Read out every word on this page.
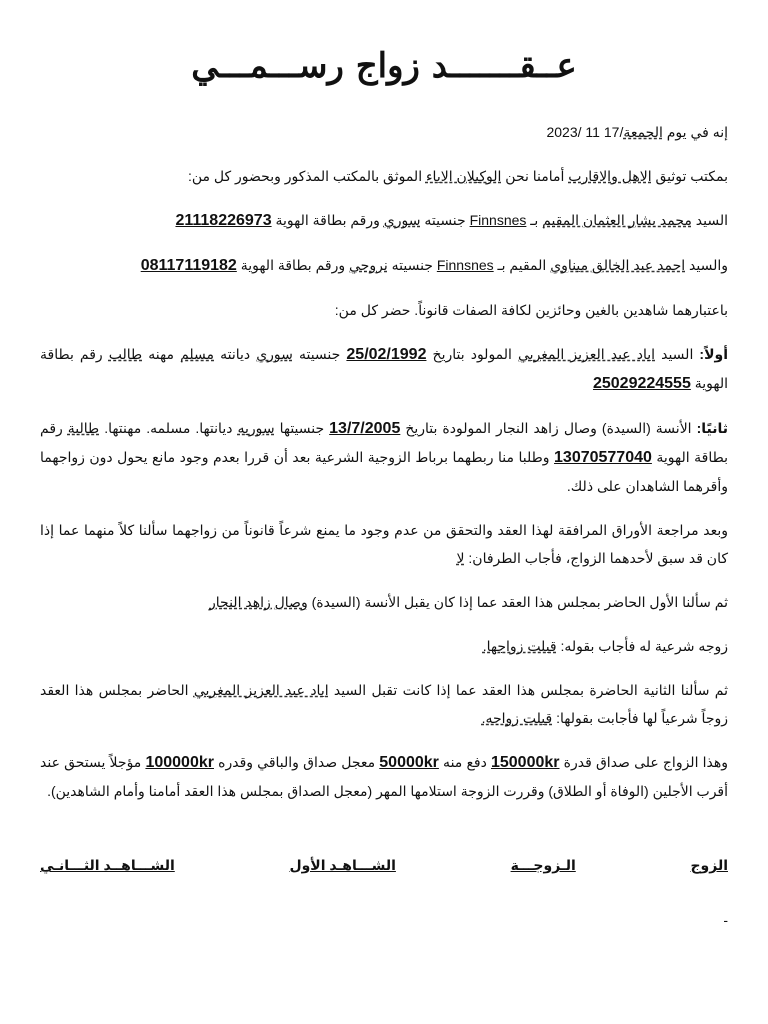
عــقـــــــد زواج رســـمـــي

إنه في يوم الجمعة/17 11 /2023

بمكتب توثيق الاهل والاقارب أمامنا نحن الوكيلان الاباء الموثق بالمكتب المذكور وبحضور كل من:

السيد محمد بشار العثمان المقيم بـ Finnsnes جنسيته سوري ورقم بطاقة الهوية 21118226973

والسيد احمد عبد الخالق ميناوي المقيم بـ Finnsnes جنسيته نروجي ورقم بطاقة الهوية 08117119182

باعتبارهما شاهدين بالغين وحائزين لكافة الصفات قانوناً. حضر كل من:

أولاً: السيد اياد عبد العزيز المغربي المولود بتاريخ 25/02/1992 جنسيته سوري ديانته مسلم مهنه طالب رقم بطاقة الهوية 25029224555

ثانيًا: الأنسة (السيدة) وصال زاهد النجار المولودة بتاريخ 13/7/2005 جنسيتها سوريه ديانتها. مسلمه. مهنتها. طالبة رقم بطاقة الهوية 13070577040 وطلبا منا ربطهما برباط الزوجية الشرعية بعد أن قررا بعدم وجود مانع يحول دون زواجهما وأقرهما الشاهدان على ذلك.

وبعد مراجعة الأوراق المرافقة لهذا العقد والتحقق من عدم وجود ما يمنع شرعاً قانوناً من زواجهما سألنا كلاً منهما عما إذا كان قد سبق لأحدهما الزواج، فأجاب الطرفان: لا

ثم سألنا الأول الحاضر بمجلس هذا العقد عما إذا كان يقبل الأنسة (السيدة) وصال زاهد النجار

زوجه شرعية له فأجاب بقوله: قبلت زواجها.

ثم سألنا الثانية الحاضرة بمجلس هذا العقد عما إذا كانت تقبل السيد اياد عبد العزيز المغربي الحاضر بمجلس هذا العقد زوجاً شرعياً لها فأجابت بقولها: قبلت زواجه.

وهذا الزواج على صداق قدرة 150000kr دفع منه 50000kr معجل صداق والباقي وقدره 100000kr مؤجلاً يستحق عند أقرب الأجلين (الوفاة أو الطلاق) وقررت الزوجة استلامها المهر (معجل الصداق بمجلس هذا العقد أمامنا وأمام الشاهدين).

الزوج
الـزوجـــة
الشـــاهـد الأول
الشـــاهــد الثـــانـي
-
